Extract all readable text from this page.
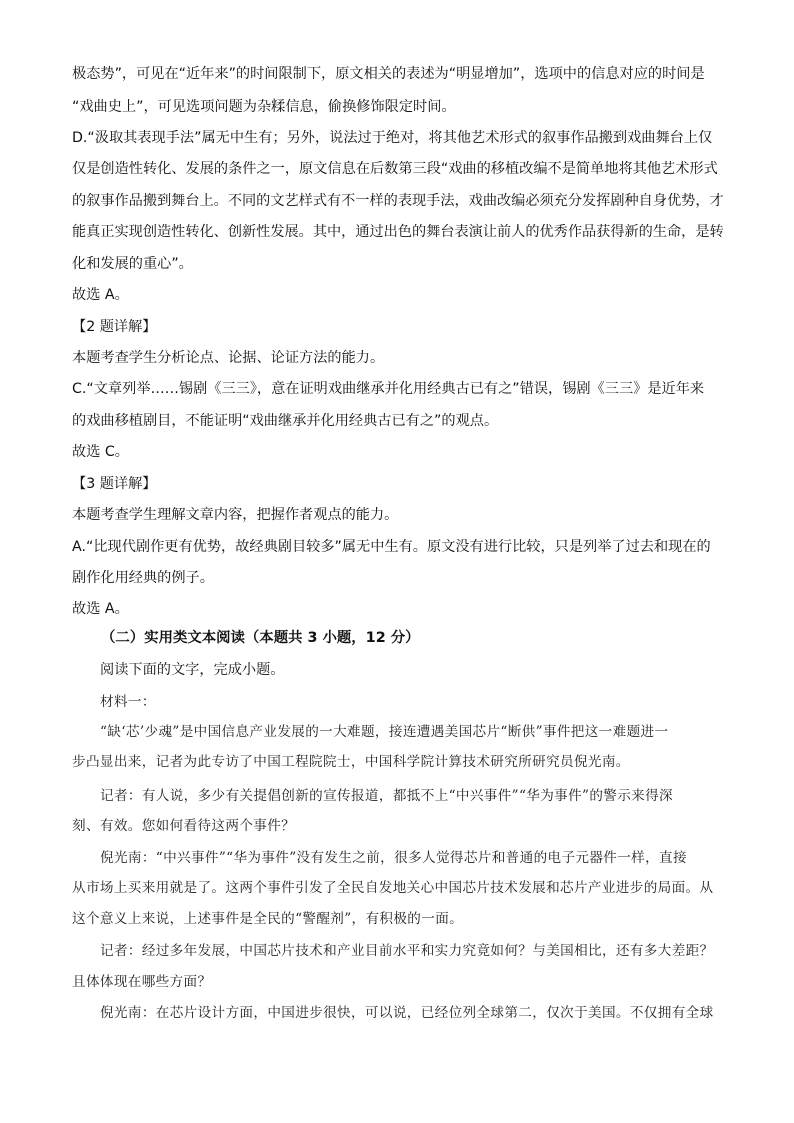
极态势”，可见在“近年来”的时间限制下，原文相关的表述为“明显增加”，选项中的信息对应的时间是

“戏曲史上”，可见选项问题为杂糅信息，偷换修饰限定时间。

D.“汲取其表现手法”属无中生有；另外，说法过于绝对，将其他艺术形式的叙事作品搬到戏曲舞台上仅

仅是创造性转化、发展的条件之一，原文信息在后数第三段“戏曲的移植改编不是简单地将其他艺术形式

的叙事作品搬到舞台上。不同的文艺样式有不一样的表现手法，戏曲改编必须充分发挥剧种自身优势，才

能真正实现创造性转化、创新性发展。其中，通过出色的舞台表演让前人的优秀作品获得新的生命，是转

化和发展的重心”。

故选 A。

【2 题详解】

本题考查学生分析论点、论据、论证方法的能力。

C.“文章列举……锡剧《三三》，意在证明戏曲继承并化用经典古已有之”错误，锡剧《三三》是近年来

的戏曲移植剧目，不能证明“戏曲继承并化用经典古已有之”的观点。

故选 C。

【3 题详解】

本题考查学生理解文章内容，把握作者观点的能力。

A.“比现代剧作更有优势，故经典剧目较多”属无中生有。原文没有进行比较，只是列举了过去和现在的

剧作化用经典的例子。

故选 A。

（二）实用类文本阅读（本题共 3 小题，12 分）

阅读下面的文字，完成小题。

材料一：

“缺‘芯’少魂”是中国信息产业发展的一大难题，接连遭遇美国芯片“断供”事件把这一难题进一

步凸显出来，记者为此专访了中国工程院院士，中国科学院计算技术研究所研究员倪光南。

记者：有人说，多少有关提倡创新的宣传报道，都抵不上“中兴事件”“华为事件”的警示来得深

刻、有效。您如何看待这两个事件？

倪光南：“中兴事件”“华为事件”没有发生之前，很多人觉得芯片和普通的电子元器件一样，直接

从市场上买来用就是了。这两个事件引发了全民自发地关心中国芯片技术发展和芯片产业进步的局面。从

这个意义上来说，上述事件是全民的“警醒剂”，有积极的一面。

记者：经过多年发展，中国芯片技术和产业目前水平和实力究竟如何？与美国相比，还有多大差距？

且体体现在哪些方面？

倪光南：在芯片设计方面，中国进步很快，可以说，已经位列全球第二，仅次于美国。不仅拥有全球
